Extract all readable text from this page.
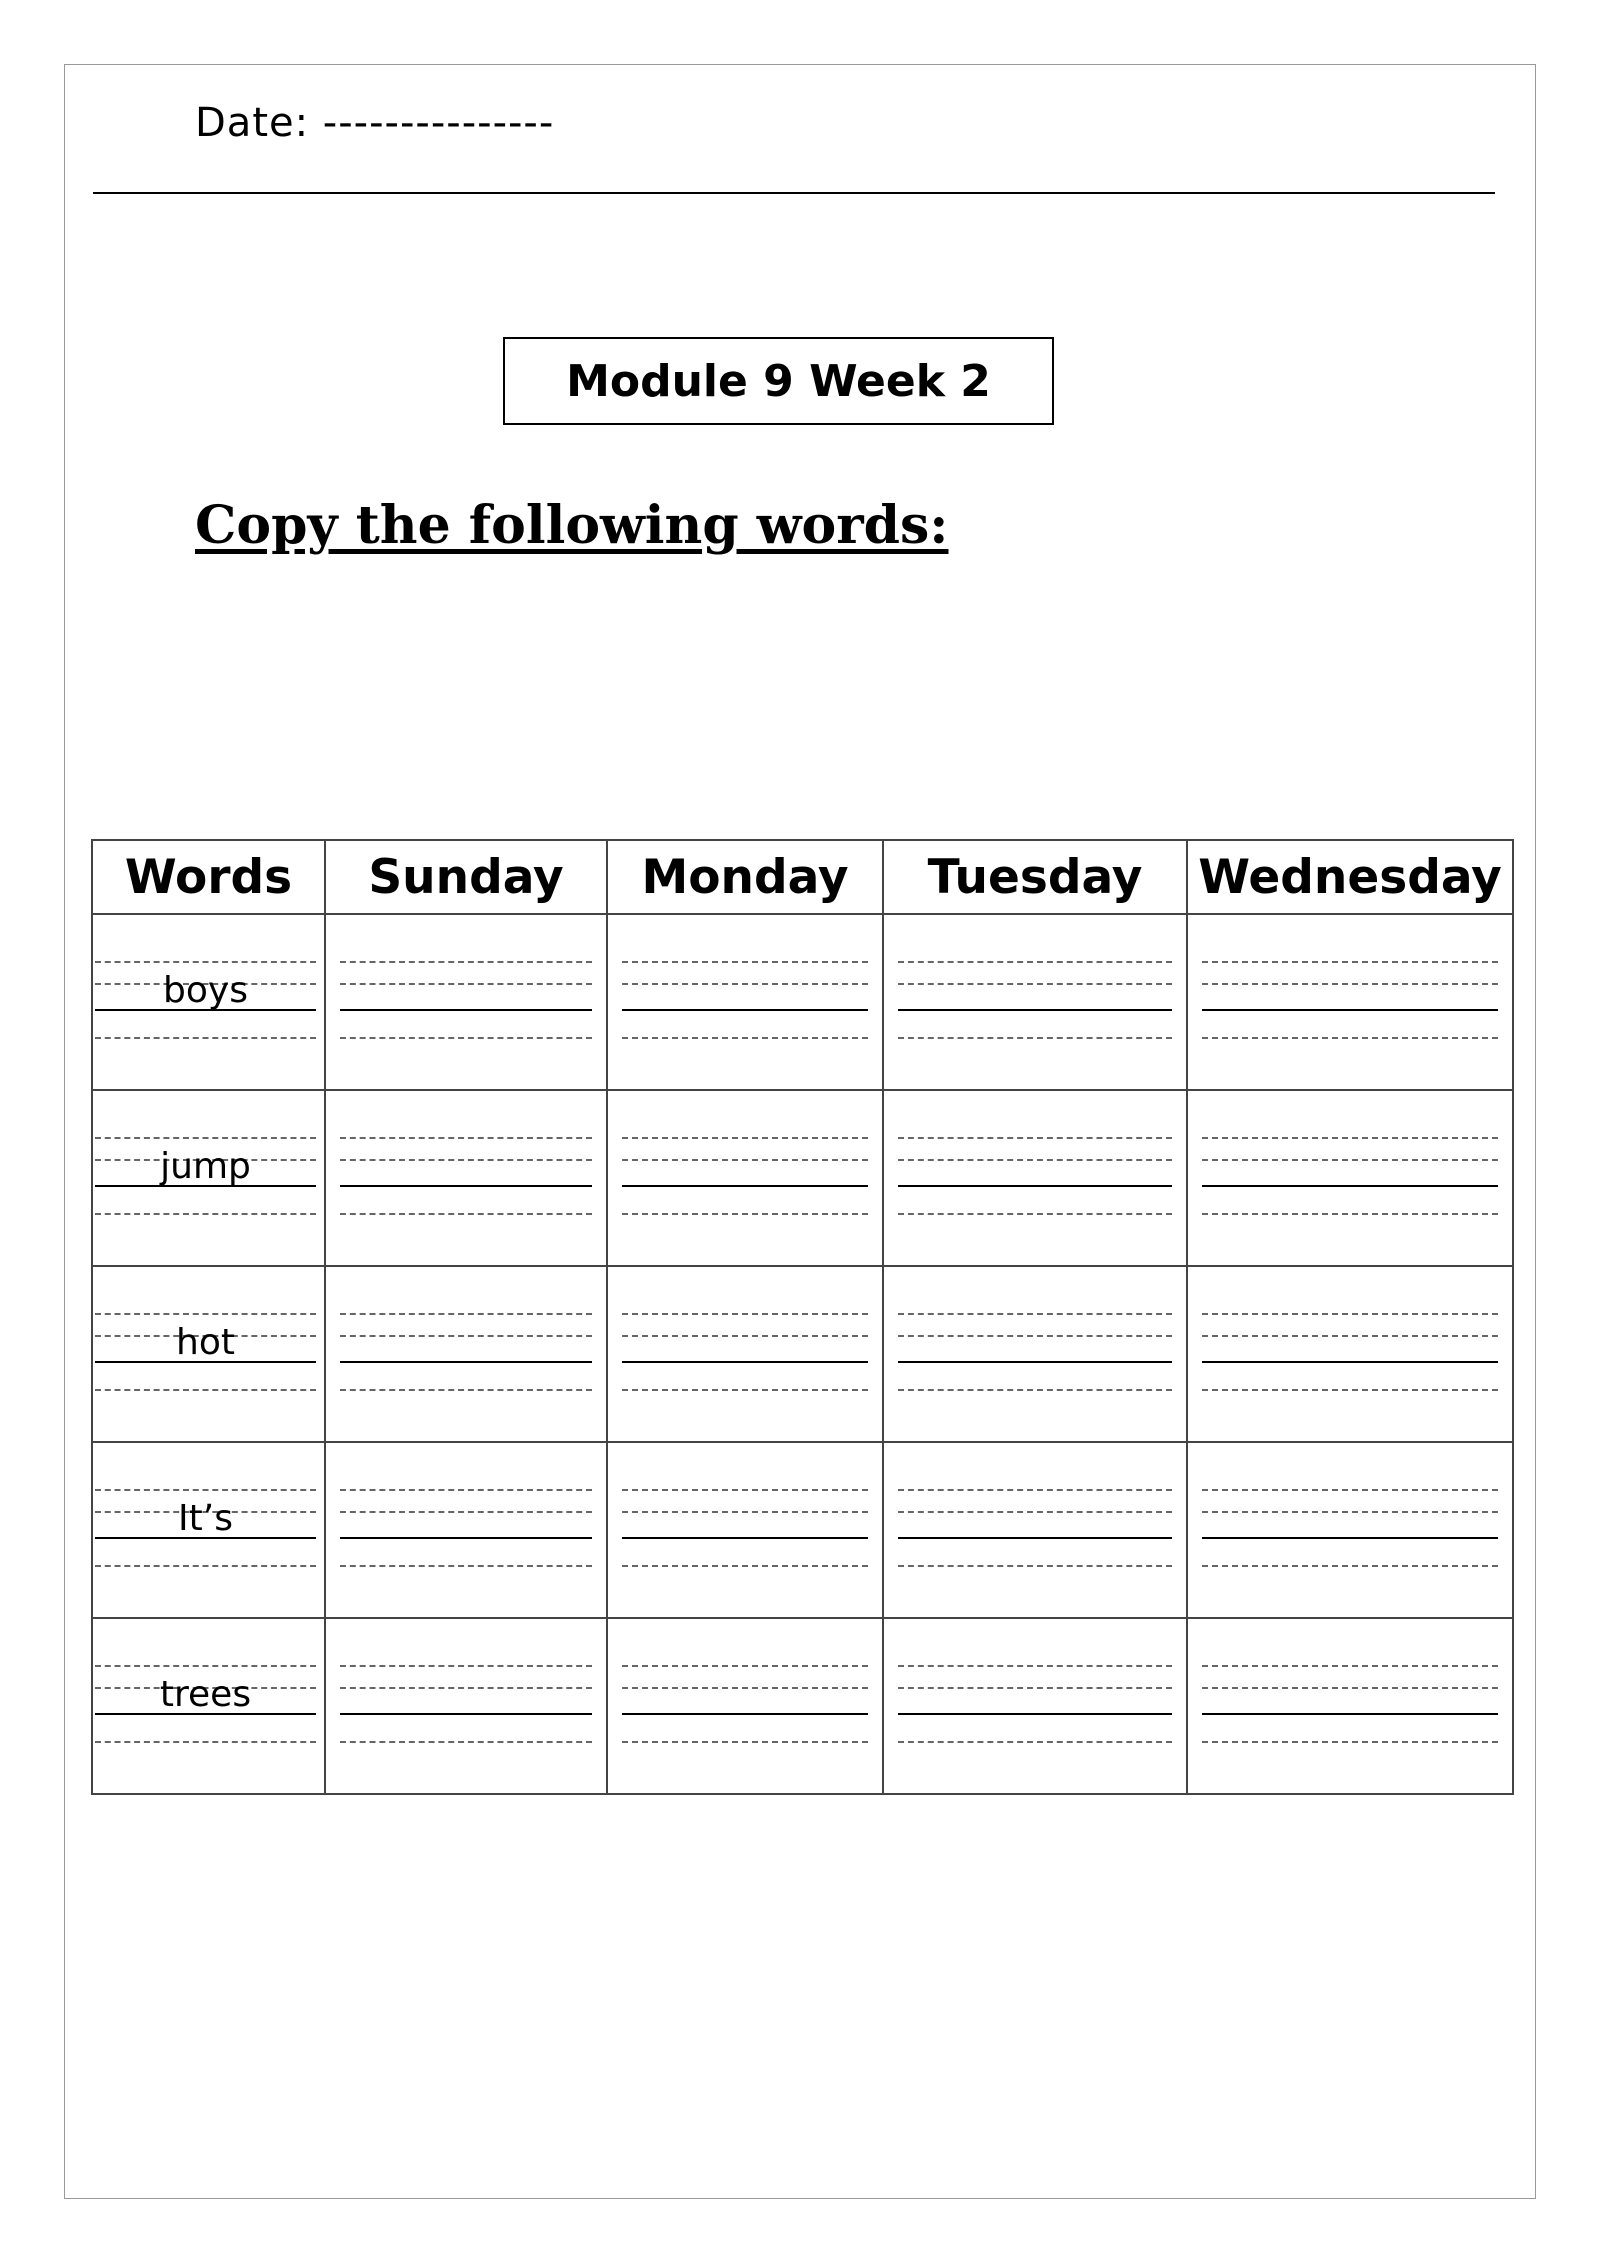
Date: ---------------
Module 9 Week 2
Copy the following words:
Words	Sunday	Monday	Tuesday	Wednesday

boys				

jump				

hot				

It’s				

trees				
